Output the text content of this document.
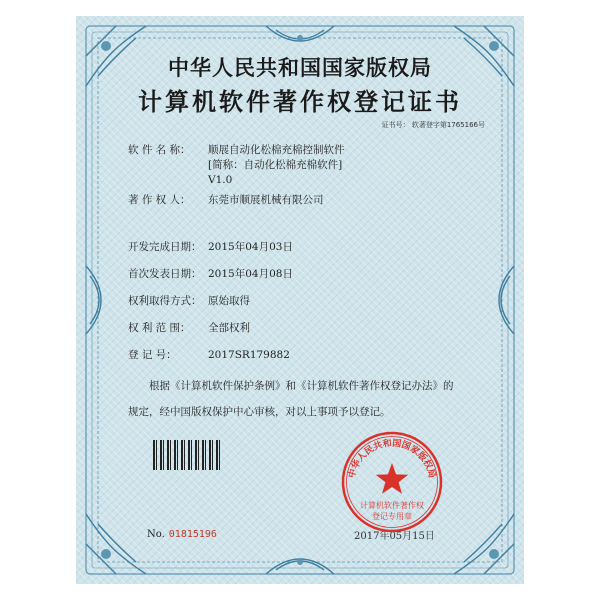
中华人民共和国国家版权局
计算机软件著作权登记证书
证书号： 软著登字第1765166号
软 件 名 称： 顺展自动化松棉充棉控制软件
[简称：自动化松棉充棉软件]
V1.0
著 作 权 人： 东莞市顺展机械有限公司
开发完成日期： 2015年04月03日
首次发表日期： 2015年04月08日
权利取得方式： 原始取得
权 利 范 围： 全部权利
登 记 号：	2017SR179882
根据《计算机软件保护条例》和《计算机软件著作权登记办法》的
规定，经中国版权保护中心审核，对以上事项予以登记。
No. 01815196	2017年05月15日
中华人民共和国国家版权局
计算机软件著作权
登记专用章
